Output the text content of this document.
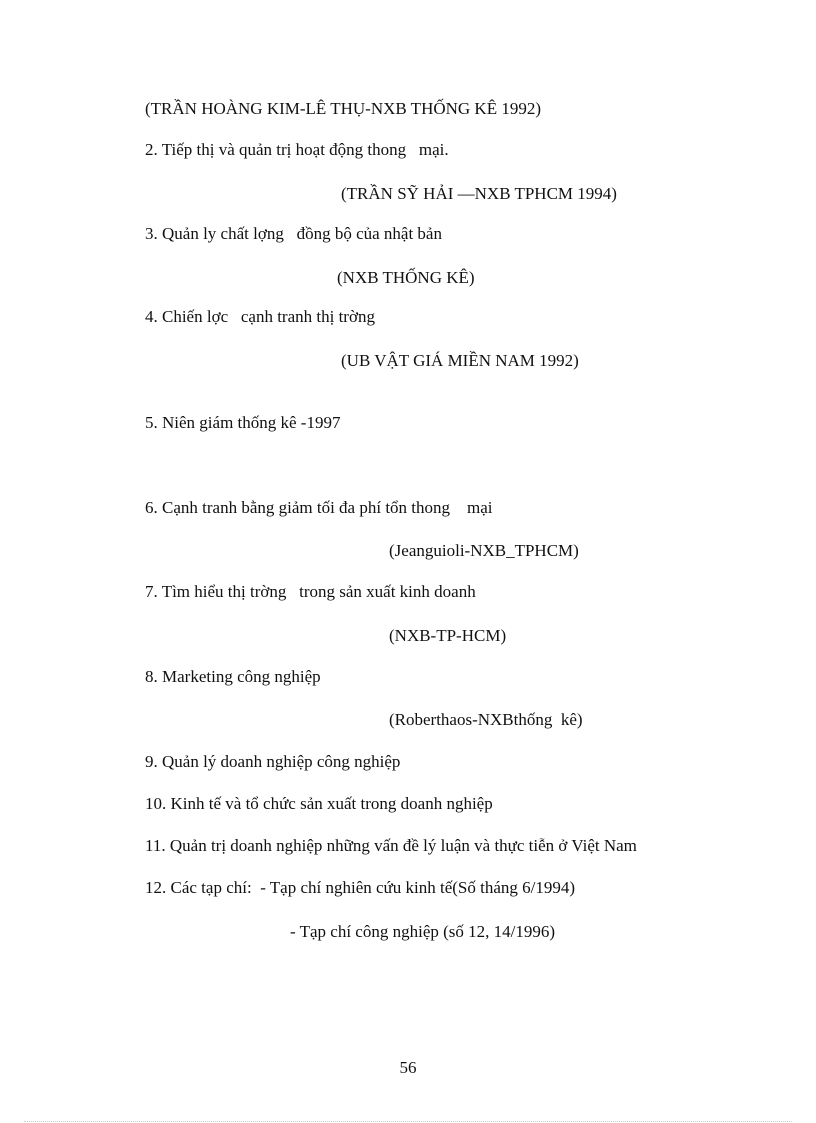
(TRẦN HOÀNG KIM-LÊ THỤ-NXB THỐNG KÊ 1992)
2. Tiếp thị và quản trị hoạt động thong   mại.
(TRẦN SỸ HẢI —NXB TPHCM 1994)
3. Quản ly chất lợng   đồng bộ của nhật bản
(NXB THỐNG KÊ)
4. Chiến lợc   cạnh tranh thị trờng
(UB VẬT GIÁ MIỀN NAM 1992)
5. Niên giám thống kê -1997
6. Cạnh tranh bằng giảm tối đa phí tổn thong    mại
(Jeanguioli-NXB_TPHCM)
7. Tìm hiểu thị trờng   trong sản xuất kinh doanh
(NXB-TP-HCM)
8. Marketing công nghiệp
(Roberthaos-NXBthống  kê)
9. Quản lý doanh nghiệp công nghiệp
10. Kinh tế và tổ chức sản xuất trong doanh nghiệp
11. Quản trị doanh nghiệp những vấn đề lý luận và thực tiễn ở Việt Nam
12. Các tạp chí:  - Tạp chí nghiên cứu kinh tế(Số tháng 6/1994)
- Tạp chí công nghiệp (số 12, 14/1996)
56
